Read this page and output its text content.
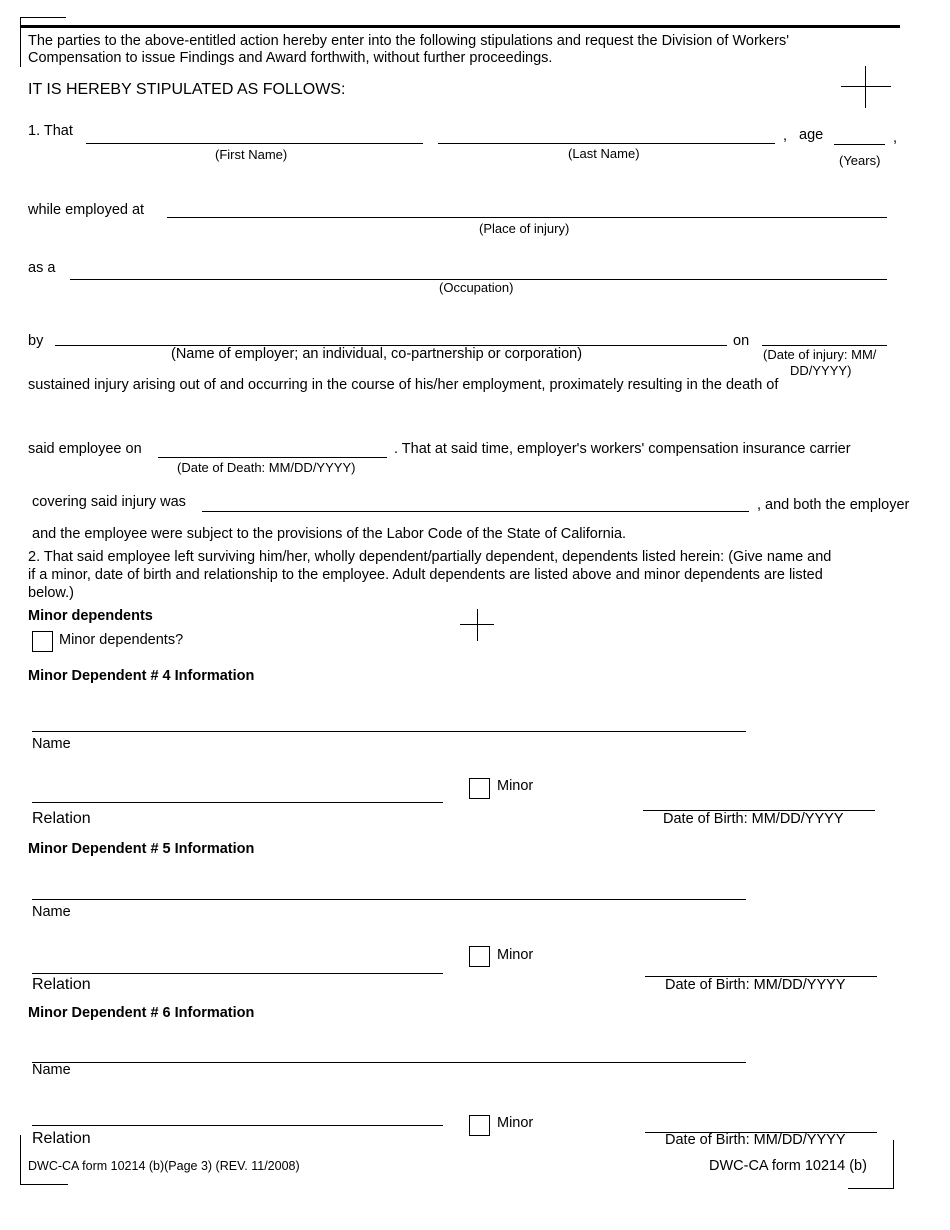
The parties to the above-entitled action hereby enter into the following stipulations and request the Division of Workers'
Compensation to issue Findings and Award forthwith, without further proceedings.
IT IS HEREBY STIPULATED AS FOLLOWS:
1. That
(First Name)	(Last Name)
, age	,
(Years)
while employed at
(Place of injury)
as a
(Occupation)
by
(Name of employer; an individual, co-partnership or corporation)
on
(Date of injury: MM/
DD/YYYY)
sustained injury arising out of and occurring in the course of his/her employment, proximately resulting in the death of
said employee on
(Date of Death: MM/DD/YYYY)
. That at said time, employer's workers' compensation insurance carrier
covering said injury was	, and both the employer
and the employee were subject to the provisions of the Labor Code of the State of California.
2. That said employee left surviving him/her, wholly dependent/partially dependent, dependents listed herein: (Give name and
if a minor, date of birth and relationship to the employee. Adult dependents are listed above and minor dependents are listed
below.)
Minor dependents
Minor dependents?
Minor Dependent # 4 Information
Name
Minor
Relation	Date of Birth: MM/DD/YYYY
Minor Dependent # 5 Information
Name
Minor
Relation	Date of Birth: MM/DD/YYYY
Minor Dependent # 6 Information
Name
Minor
Relation	Date of Birth: MM/DD/YYYY
DWC-CA form 10214 (b)(Page 3) (REV. 11/2008)	DWC-CA form 10214 (b)
